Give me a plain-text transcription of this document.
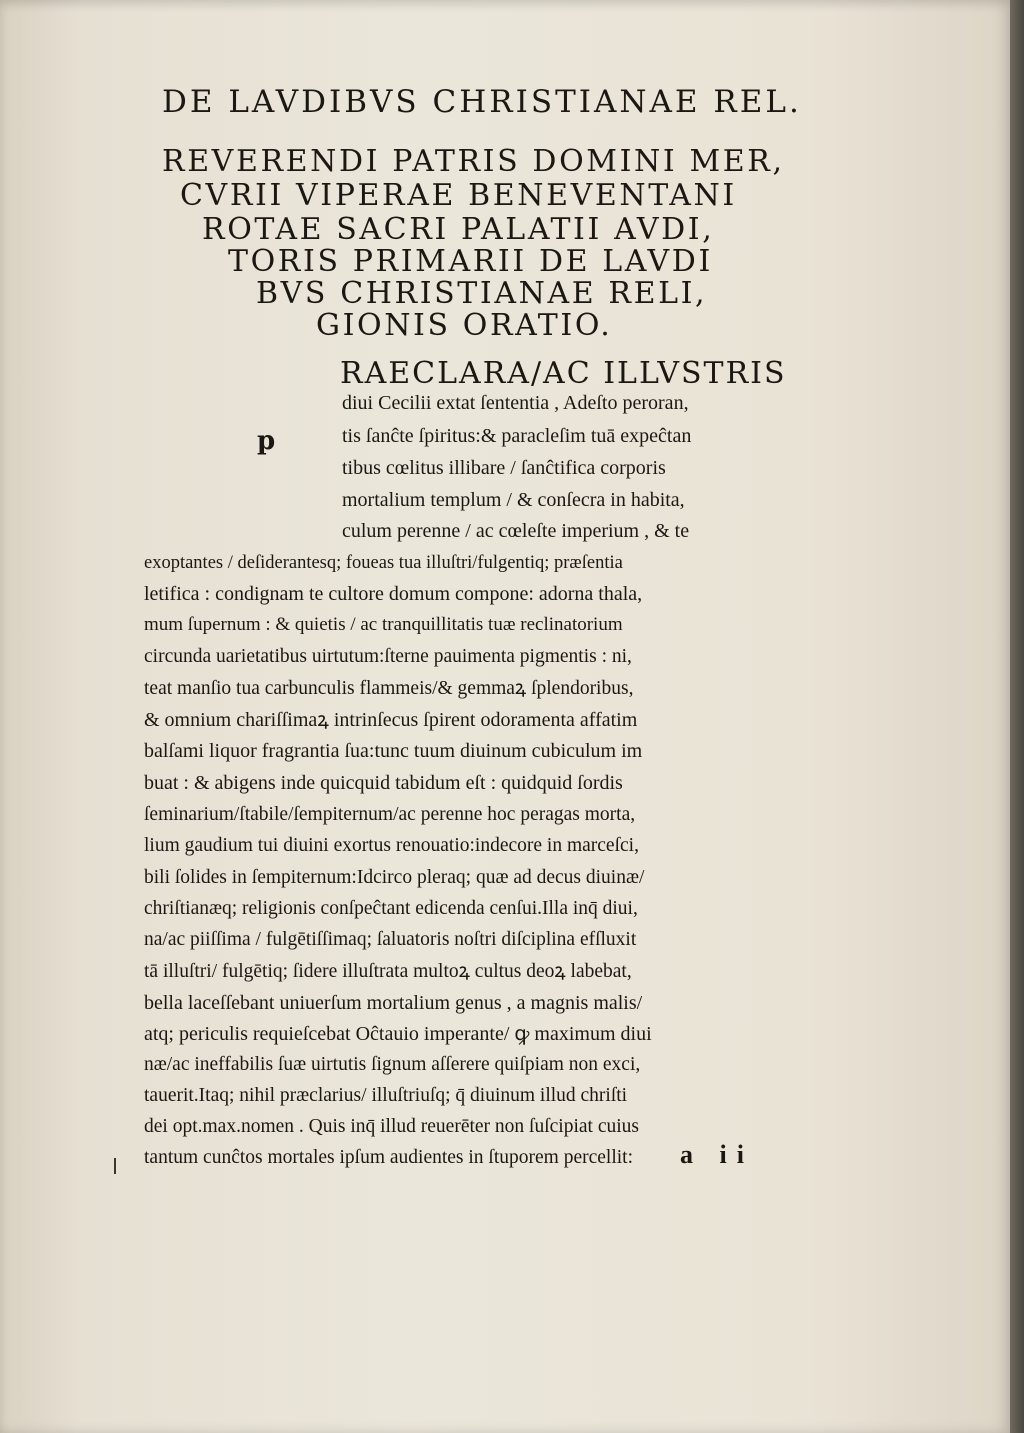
DE LAVDIBVS CHRISTIANAE REL.
REVERENDI PATRIS DOMINI MER,
CVRII VIPERAE BENEVENTANI
ROTAE SACRI PALATII AVDI,
TORIS PRIMARII DE LAVDI
BVS CHRISTIANAE RELI,
GIONIS ORATIO.
p
RAECLARA/AC ILLVSTRIS
diui Cecilii extat ſententia , Adeſto peroran,
tis ſanĉte ſpiritus:& paracleſim tuā expeĉtan
tibus cœlitus illibare / ſanĉtifica corporis
mortalium templum / & conſecra in habita,
culum perenne / ac cœleſte imperium , & te
exoptantes / deſiderantesq; foueas tua illuſtri/fulgentiq; præſentia
letifica : condignam te cultore domum compone: adorna thala,
mum ſupernum : & quietis / ac tranquillitatis tuæ reclinatorium
circunda uarietatibus uirtutum:ſterne pauimenta pigmentis : ni,
teat manſio tua carbunculis flammeis/& gemmaꝝ ſplendoribus,
& omnium chariſſimaꝝ intrinſecus ſpirent odoramenta affatim
balſami liquor fragrantia ſua:tunc tuum diuinum cubiculum im
buat : & abigens inde quicquid tabidum eſt : quidquid ſordis
ſeminarium/ſtabile/ſempiternum/ac perenne hoc peragas morta,
lium gaudium tui diuini exortus renouatio:indecore in marceſci,
bili ſolides in ſempiternum:Idcirco pleraq; quæ ad decus diuinæ/
chriſtianæq; religionis conſpeĉtant edicenda cenſui.Illa inq̄ diui,
na/ac piiſſima / fulgētiſſimaq; ſaluatoris noſtri diſciplina efſluxit
tā illuſtri/ fulgētiq; ſidere illuſtrata multoꝝ cultus deoꝝ labebat,
bella laceſſebant uniuerſum mortalium genus , a magnis malis/
atq; periculis requieſcebat Oĉtauio imperante/ ꝙ maximum diui
næ/ac ineffabilis ſuæ uirtutis ſignum aſſerere quiſpiam non exci,
tauerit.Itaq; nihil præclarius/ illuſtriuſq; q̄ diuinum illud chriſti
dei opt.max.nomen . Quis inq̄ illud reuerēter non ſuſcipiat cuius
tantum cunĉtos mortales ipſum audientes in ſtuporem percellit: a ii
